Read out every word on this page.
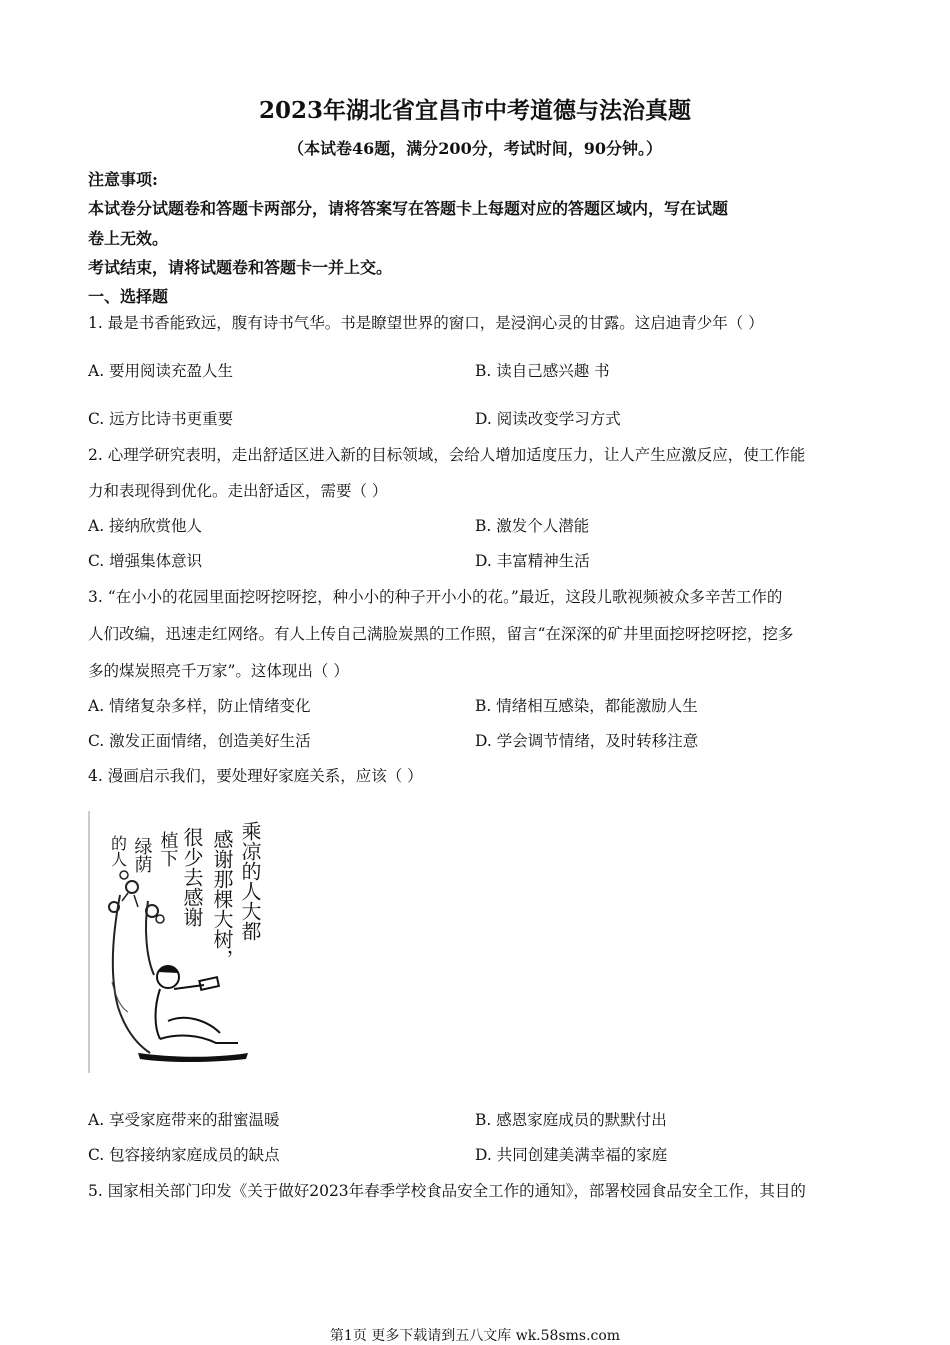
2023年湖北省宜昌市中考道德与法治真题
（本试卷46题，满分200分，考试时间，90分钟。）
注意事项:
本试卷分试题卷和答题卡两部分，请将答案写在答题卡上每题对应的答题区域内，写在试题
卷上无效。
考试结束，请将试题卷和答题卡一并上交。
一、选择题
1. 最是书香能致远，腹有诗书气华。书是瞭望世界的窗口，是浸润心灵的甘露。这启迪青少年（ ）
A. 要用阅读充盈人生	B. 读自己感兴趣 书
C. 远方比诗书更重要	D. 阅读改变学习方式
2. 心理学研究表明，走出舒适区进入新的目标领域，会给人增加适度压力，让人产生应激反应，使工作能
力和表现得到优化。走出舒适区，需要（ ）
A. 接纳欣赏他人	B. 激发个人潜能
C. 增强集体意识	D. 丰富精神生活
3. “在小小的花园里面挖呀挖呀挖，种小小的种子开小小的花。”最近，这段儿歌视频被众多辛苦工作的
人们改编，迅速走红网络。有人上传自己满脸炭黑的工作照，留言“在深深的矿井里面挖呀挖呀挖，挖多
多的煤炭照亮千万家”。这体现出（ ）
A. 情绪复杂多样，防止情绪变化	B. 情绪相互感染，都能激励人生
C. 激发正面情绪，创造美好生活	D. 学会调节情绪，及时转移注意
4. 漫画启示我们，要处理好家庭关系，应该（ ）
乘凉的人大都
感谢那棵大树，
很少去感谢
植下
绿荫
的人
A. 享受家庭带来的甜蜜温暖	B. 感恩家庭成员的默默付出
C. 包容接纳家庭成员的缺点	D. 共同创建美满幸福的家庭
5. 国家相关部门印发《关于做好2023年春季学校食品安全工作的通知》，部署校园食品安全工作，其目的
第1页 更多下载请到五八文库 wk.58sms.com
